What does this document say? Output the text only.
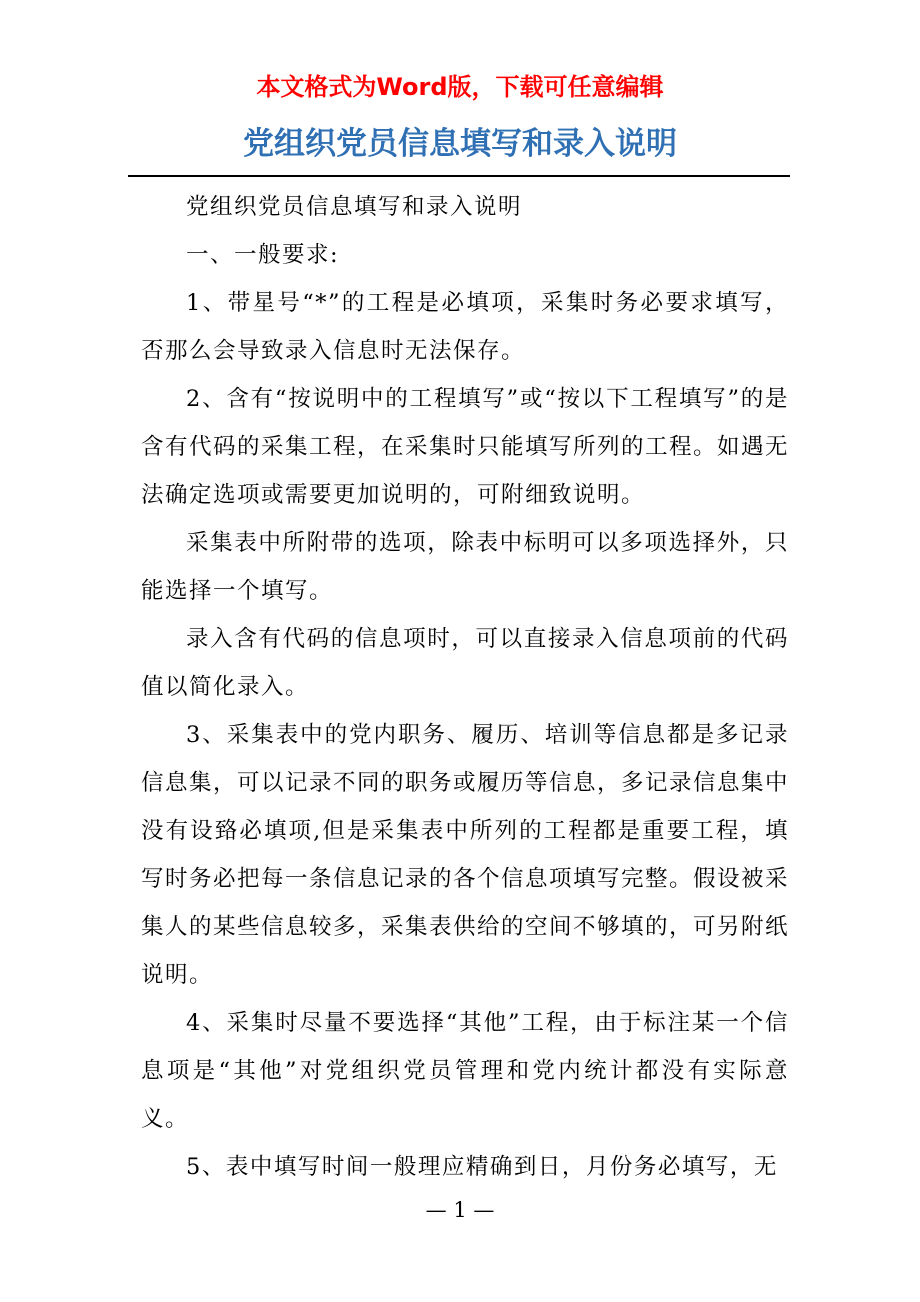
本文格式为Word版，下载可任意编辑
党组织党员信息填写和录入说明

党组织党员信息填写和录入说明

一、一般要求:

1、带星号“*”的工程是必填项，采集时务必要求填写，否那么会导致录入信息时无法保存。

2、含有“按说明中的工程填写”或“按以下工程填写”的是含有代码的采集工程，在采集时只能填写所列的工程。如遇无法确定选项或需要更加说明的，可附细致说明。

采集表中所附带的选项，除表中标明可以多项选择外，只能选择一个填写。

录入含有代码的信息项时，可以直接录入信息项前的代码值以简化录入。

3、采集表中的党内职务、履历、培训等信息都是多记录信息集，可以记录不同的职务或履历等信息，多记录信息集中没有设臵必填项,但是采集表中所列的工程都是重要工程，填写时务必把每一条信息记录的各个信息项填写完整。假设被采集人的某些信息较多，采集表供给的空间不够填的，可另附纸说明。

4、采集时尽量不要选择“其他”工程，由于标注某一个信息项是“其他”对党组织党员管理和党内统计都没有实际意义。

5、表中填写时间一般理应精确到日，月份务必填写，无

— 1 —
